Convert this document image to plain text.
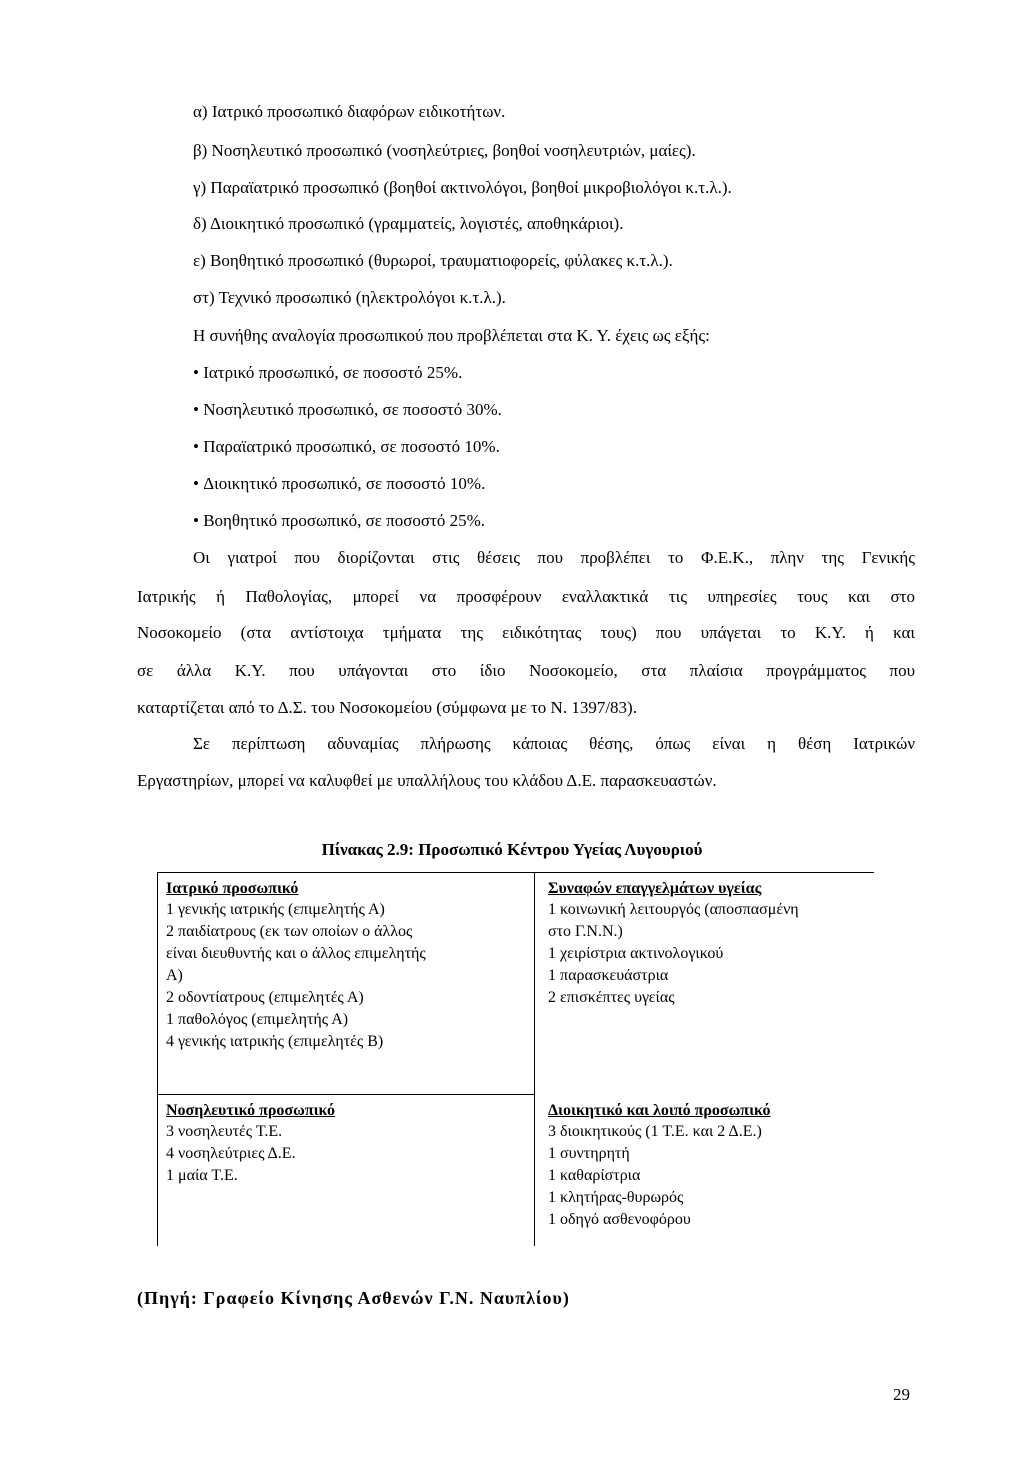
α) Ιατρικό προσωπικό διαφόρων ειδικοτήτων.
β) Νοσηλευτικό προσωπικό (νοσηλεύτριες, βοηθοί νοσηλευτριών, μαίες).
γ) Παραϊατρικό προσωπικό (βοηθοί ακτινολόγοι, βοηθοί μικροβιολόγοι κ.τ.λ.).
δ) Διοικητικό προσωπικό (γραμματείς, λογιστές, αποθηκάριοι).
ε) Βοηθητικό προσωπικό (θυρωροί, τραυματιοφορείς, φύλακες κ.τ.λ.).
στ) Τεχνικό προσωπικό (ηλεκτρολόγοι κ.τ.λ.).
Η συνήθης αναλογία προσωπικού που προβλέπεται στα Κ. Υ. έχεις ως εξής:
• Ιατρικό προσωπικό, σε ποσοστό 25%.
• Νοσηλευτικό προσωπικό, σε ποσοστό 30%.
• Παραϊατρικό προσωπικό, σε ποσοστό 10%.
• Διοικητικό προσωπικό, σε ποσοστό 10%.
• Βοηθητικό προσωπικό, σε ποσοστό 25%.
Οι γιατροί που διορίζονται στις θέσεις που προβλέπει το Φ.Ε.Κ., πλην της Γενικής
Ιατρικής ή Παθολογίας, μπορεί να προσφέρουν εναλλακτικά τις υπηρεσίες τους και στο
Νοσοκομείο (στα αντίστοιχα τμήματα της ειδικότητας τους) που υπάγεται το Κ.Υ. ή και
σε άλλα Κ.Υ. που υπάγονται στο ίδιο Νοσοκομείο, στα πλαίσια προγράμματος που
καταρτίζεται από το Δ.Σ. του Νοσοκομείου (σύμφωνα με το Ν. 1397/83).
Σε περίπτωση αδυναμίας πλήρωσης κάποιας θέσης, όπως είναι η θέση Ιατρικών
Εργαστηρίων, μπορεί να καλυφθεί με υπαλλήλους του κλάδου Δ.Ε. παρασκευαστών.
Πίνακας 2.9: Προσωπικό Κέντρου Υγείας Λυγουριού
Ιατρικό προσωπικό
1 γενικής ιατρικής (επιμελητής Α)
2 παιδίατρους (εκ των οποίων ο άλλος
είναι διευθυντής και ο άλλος επιμελητής
Α)
2 οδοντίατρους (επιμελητές Α)
1 παθολόγος (επιμελητής Α)
4 γενικής ιατρικής (επιμελητές Β)
Συναφών επαγγελμάτων υγείας
1 κοινωνική λειτουργός (αποσπασμένη
στο Γ.Ν.Ν.)
1 χειρίστρια ακτινολογικού
1 παρασκευάστρια
2 επισκέπτες υγείας
Νοσηλευτικό προσωπικό
3 νοσηλευτές Τ.Ε.
4 νοσηλεύτριες Δ.Ε.
1 μαία Τ.Ε.
Διοικητικό και λοιπό προσωπικό
3 διοικητικούς (1 Τ.Ε. και 2 Δ.Ε.)
1 συντηρητή
1 καθαρίστρια
1 κλητήρας-θυρωρός
1 οδηγό ασθενοφόρου
(Πηγή: Γραφείο Κίνησης Ασθενών Γ.Ν. Ναυπλίου)
29
